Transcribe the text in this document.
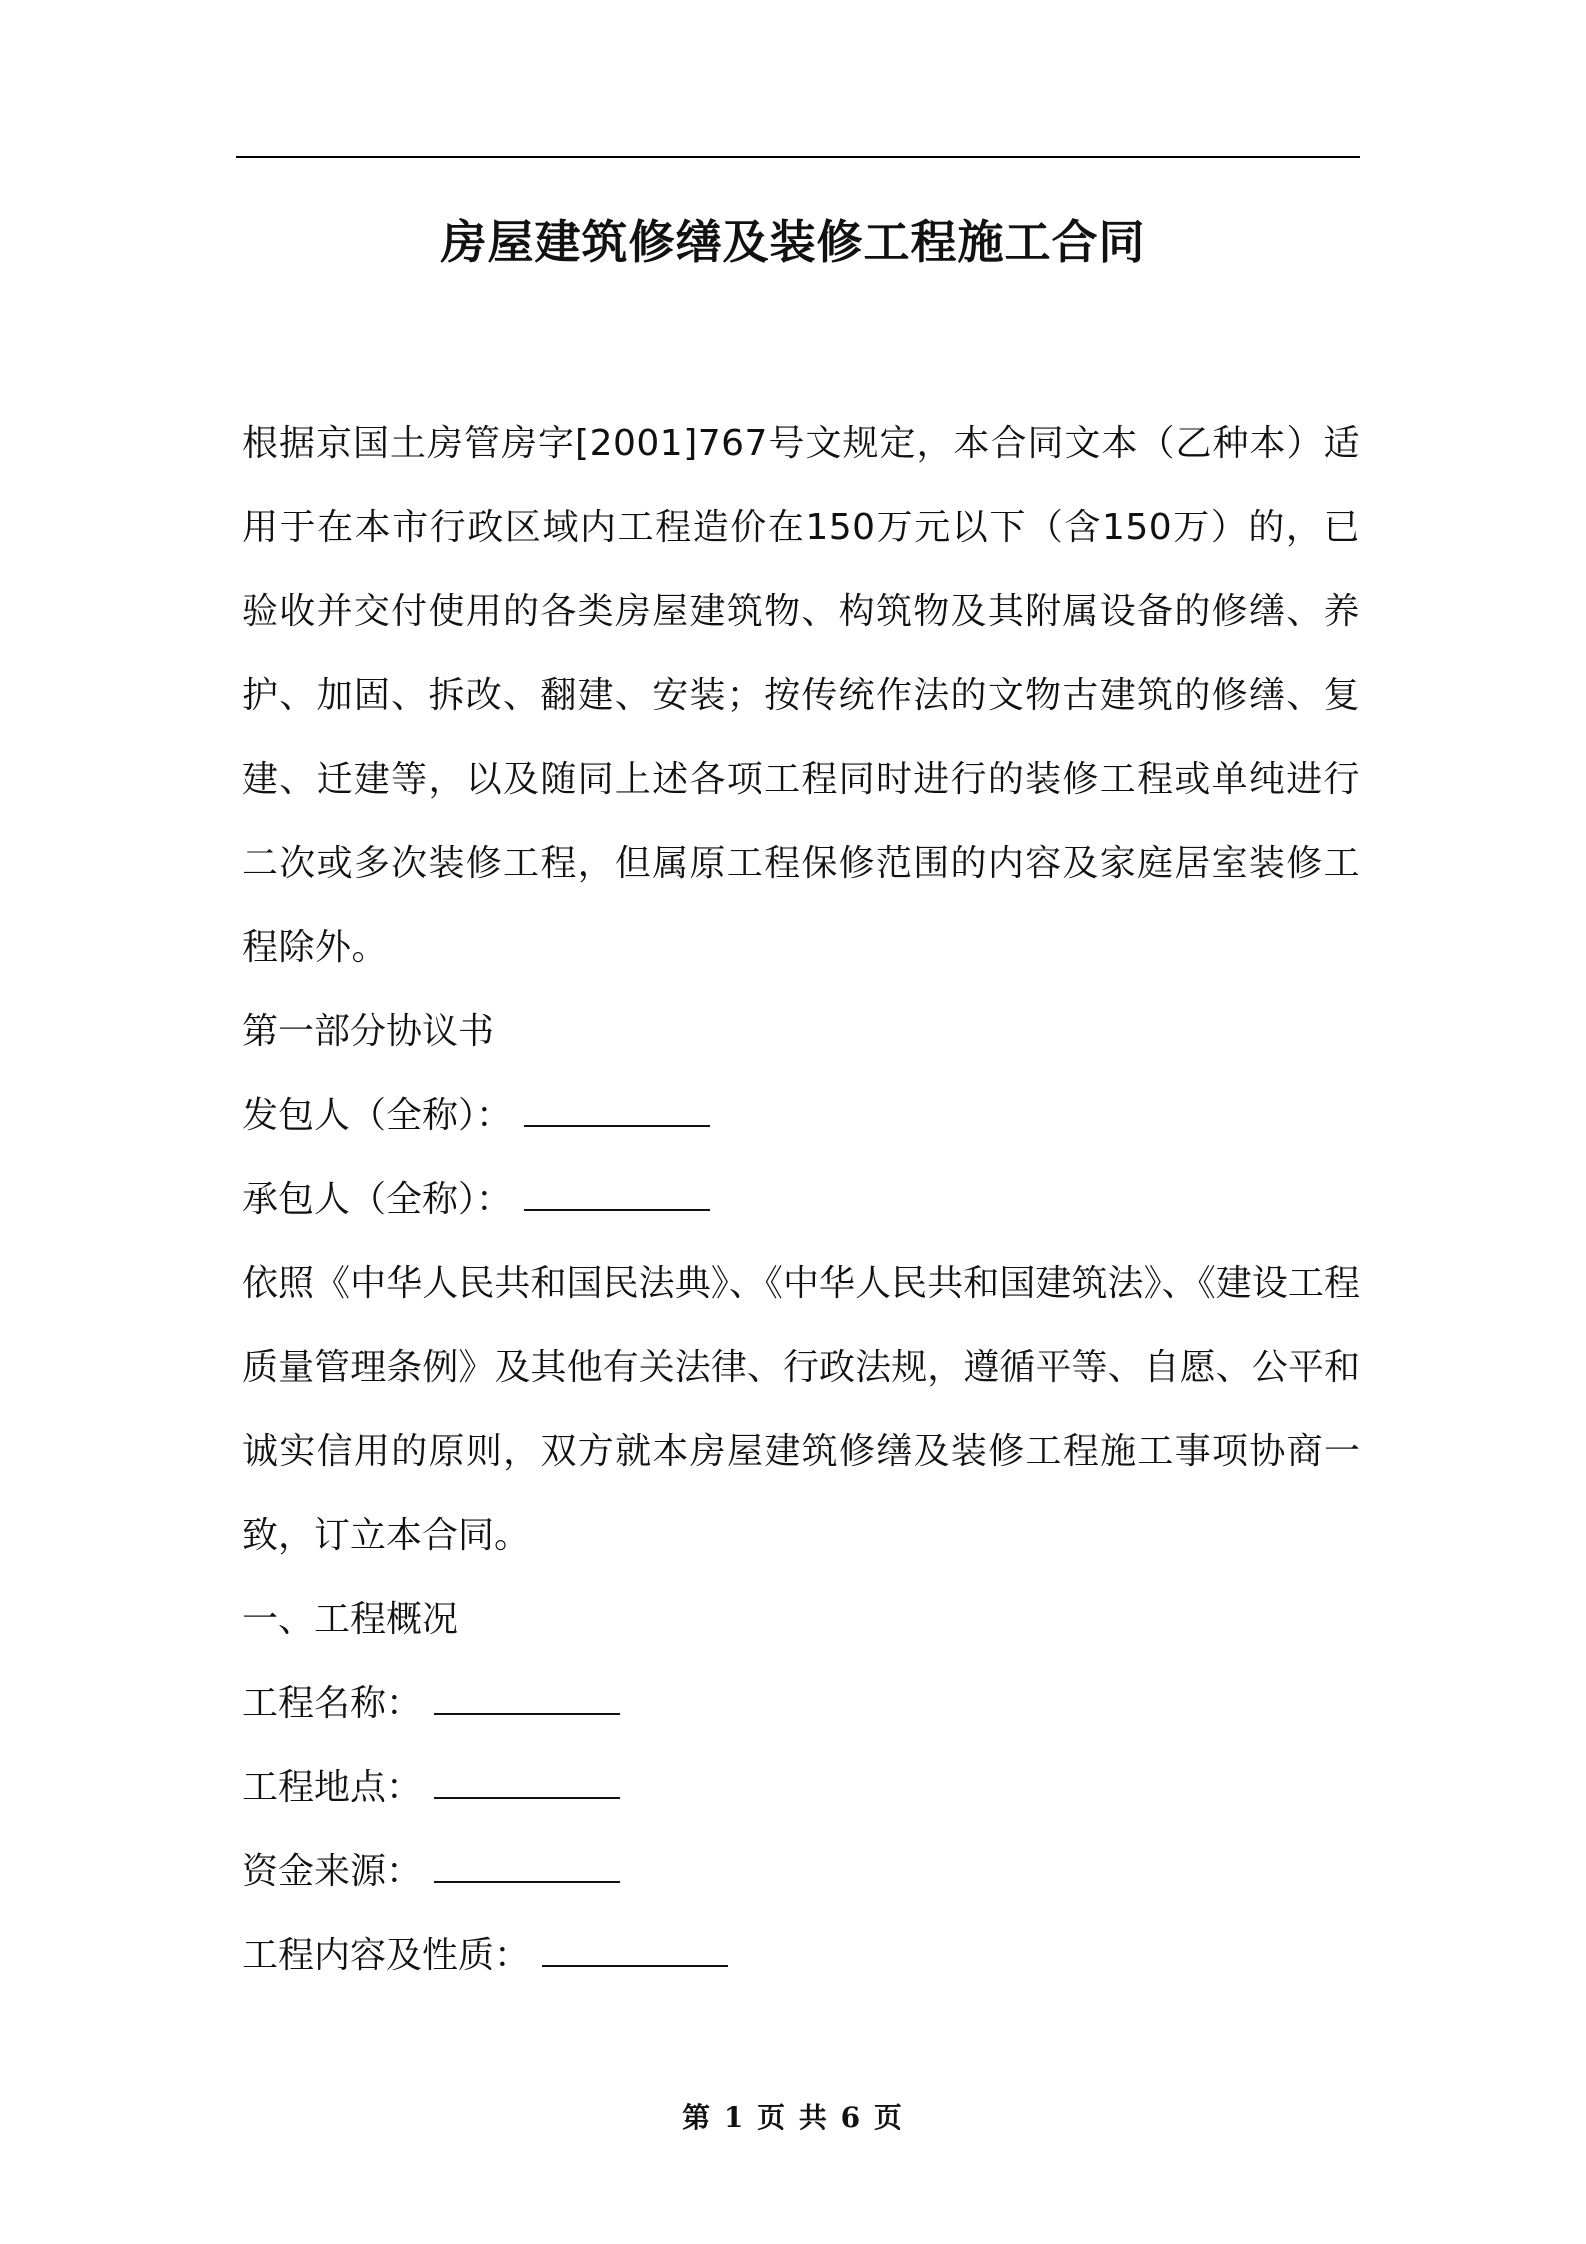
房屋建筑修缮及装修工程施工合同

根据京国土房管房字[2001]767号文规定，本合同文本（乙种本）适用于在本市行政区域内工程造价在150万元以下（含150万）的，已验收并交付使用的各类房屋建筑物、构筑物及其附属设备的修缮、养护、加固、拆改、翻建、安装；按传统作法的文物古建筑的修缮、复建、迁建等，以及随同上述各项工程同时进行的装修工程或单纯进行二次或多次装修工程，但属原工程保修范围的内容及家庭居室装修工程除外。

第一部分协议书

发包人（全称）：

承包人（全称）：

依照《中华人民共和国民法典》、《中华人民共和国建筑法》、《建设工程质量管理条例》及其他有关法律、行政法规，遵循平等、自愿、公平和诚实信用的原则，双方就本房屋建筑修缮及装修工程施工事项协商一致，订立本合同。

一、工程概况

工程名称：

工程地点：

资金来源：

工程内容及性质：

第 1 页 共 6 页
